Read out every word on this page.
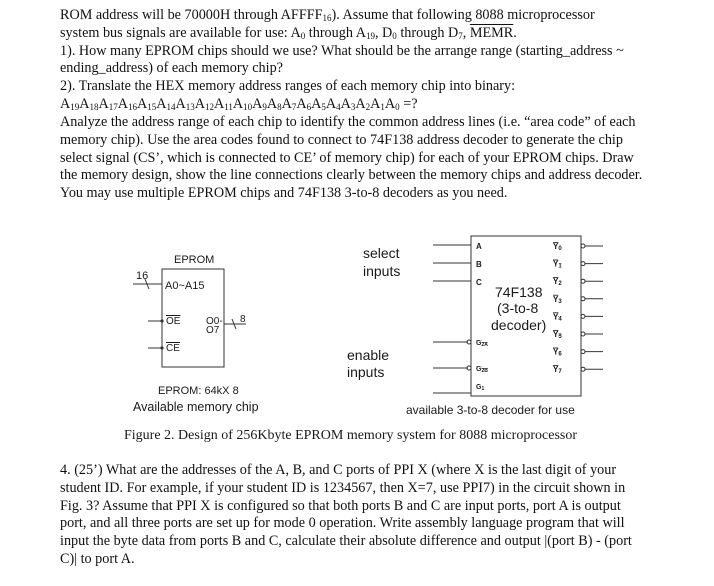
ROM address will be 70000H through $AFFFF_{16}$). Assume that following 8088 microprocessor
system bus signals are available for use: $A_0$ through $A_{19}$, $D_0$ through $D_7$, MEMR.
1). How many EPROM chips should we use? What should be the arrange range (starting_address ~
ending_address) of each memory chip?
2). Translate the HEX memory address ranges of each memory chip into binary:
$A_{19}A_{18}A_{17}A_{16}A_{15}A_{14}A_{13}A_{12}A_{11}A_{10}A_9A_8A_7A_6A_5A_4A_3A_2A_1A_0$ =?
Analyze the address range of each chip to identify the common address lines (i.e. “area code” of each
memory chip). Use the area codes found to connect to 74F138 address decoder to generate the chip
select signal (CS’, which is connected to CE’ of memory chip) for each of your EPROM chips. Draw
the memory design, show the line connections clearly between the memory chips and address decoder.
You may use multiple EPROM chips and 74F138 3-to-8 decoders as you need.
EPROM
16
A0~A15
OE	O0-
O7
8
CE
EPROM: 64kX 8
Available memory chip
select
inputs
enable
inputs
A
B
C
G2A
G2B
G1
74F138
(3-to-8
decoder)
Y0
Y1
Y2
Y3
Y4
Y5
Y6
Y7
available 3-to-8 decoder for use
Figure 2. Design of 256Kbyte EPROM memory system for 8088 microprocessor
4. (25’) What are the addresses of the A, B, and C ports of PPI X (where X is the last digit of your
student ID. For example, if your student ID is 1234567, then X=7, use PPI7) in the circuit shown in
Fig. 3? Assume that PPI X is configured so that both ports B and C are input ports, port A is output
port, and all three ports are set up for mode 0 operation. Write assembly language program that will
input the byte data from ports B and C, calculate their absolute difference and output |(port B) - (port
C)| to port A.
